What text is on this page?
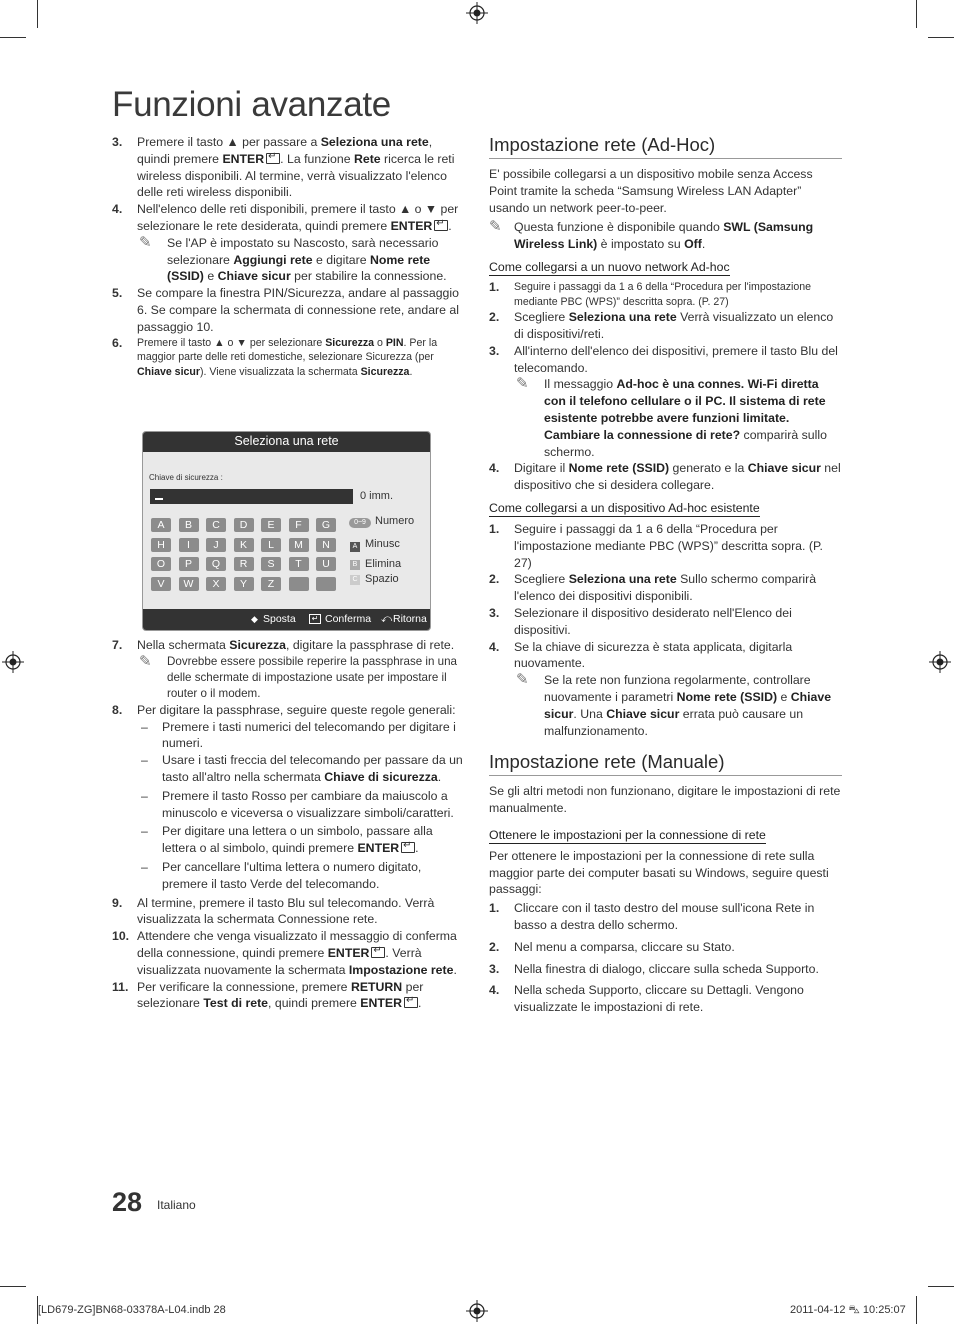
Funzioni avanzate
3. Premere il tasto ▲ per passare a Seleziona una rete, quindi premere ENTER ↵ . La funzione Rete ricerca le reti wireless disponibili. Al termine, verrà visualizzato l'elenco delle reti wireless disponibili.
4. Nell'elenco delle reti disponibili, premere il tasto ▲ o ▼ per selezionare le rete desiderata, quindi premere ENTER ↵ .
✎ Se l'AP è impostato su Nascosto, sarà necessario selezionare Aggiungi rete e digitare Nome rete (SSID) e Chiave sicur per stabilire la connessione.
5. Se compare la finestra PIN/Sicurezza, andare al passaggio 6. Se compare la schermata di connessione rete, andare al passaggio 10.
6. Premere il tasto ▲ o ▼ per selezionare Sicurezza o PIN. Per la maggior parte delle reti domestiche, selezionare Sicurezza (per Chiave sicur). Viene visualizzata la schermata Sicurezza.
Seleziona una rete
Chiave di sicurezza :
0 imm.
A	B	C	D	E	F	G
H	I	J	K	L	M	N
O	P	Q	R	S	T	U
V	W	X	Y	Z
0~9 Numero
A Minusc
B Elimina
C Spazio
◆ Sposta	↵ Conferma ⤺ Ritorna
7. Nella schermata Sicurezza, digitare la passphrase di rete.
✎ Dovrebbe essere possibile reperire la passphrase in una delle schermate di impostazione usate per impostare il router o il modem.
8. Per digitare la passphrase, seguire queste regole generali:
– Premere i tasti numerici del telecomando per digitare i numeri.
– Usare i tasti freccia del telecomando per passare da un tasto all'altro nella schermata Chiave di sicurezza.
– Premere il tasto Rosso per cambiare da maiuscolo a minuscolo e viceversa o visualizzare simboli/caratteri.
– Per digitare una lettera o un simbolo, passare alla lettera o al simbolo, quindi premere ENTER ↵ .
– Per cancellare l'ultima lettera o numero digitato, premere il tasto Verde del telecomando.
9. Al termine, premere il tasto Blu sul telecomando. Verrà visualizzata la schermata Connessione rete.
10. Attendere che venga visualizzato il messaggio di conferma della connessione, quindi premere ENTER ↵ . Verrà visualizzata nuovamente la schermata Impostazione rete.
11. Per verificare la connessione, premere RETURN per selezionare Test di rete, quindi premere ENTER ↵ .
Impostazione rete (Ad-Hoc)

E' possibile collegarsi a un dispositivo mobile senza Access Point tramite la scheda “Samsung Wireless LAN Adapter” usando un network peer-to-peer.

✎ Questa funzione è disponibile quando SWL (Samsung Wireless Link) è impostato su Off.
Come collegarsi a un nuovo network Ad-hoc
1. Seguire i passaggi da 1 a 6 della “Procedura per l'impostazione mediante PBC (WPS)” descritta sopra. (P. 27)
2. Scegliere Seleziona una rete Verrà visualizzato un elenco di dispositivi/reti.
3. All'interno dell'elenco dei dispositivi, premere il tasto Blu del telecomando.
✎ Il messaggio Ad-hoc è una connes. Wi-Fi diretta con il telefono cellulare o il PC. Il sistema di rete esistente potrebbe avere funzioni limitate. Cambiare la connessione di rete? comparirà sullo schermo.
4. Digitare il Nome rete (SSID) generato e la Chiave sicur nel dispositivo che si desidera collegare.
Come collegarsi a un dispositivo Ad-hoc esistente
1. Seguire i passaggi da 1 a 6 della “Procedura per l'impostazione mediante PBC (WPS)” descritta sopra. (P. 27)
2. Scegliere Seleziona una rete Sullo schermo comparirà l'elenco dei dispositivi disponibili.
3. Selezionare il dispositivo desiderato nell'Elenco dei dispositivi.
4. Se la chiave di sicurezza è stata applicata, digitarla nuovamente.
✎ Se la rete non funziona regolarmente, controllare nuovamente i parametri Nome rete (SSID) e Chiave sicur. Una Chiave sicur errata può causare un malfunzionamento.
Impostazione rete (Manuale)

Se gli altri metodi non funzionano, digitare le impostazioni di rete manualmente.

Ottenere le impostazioni per la connessione di rete

Per ottenere le impostazioni per la connessione di rete sulla maggior parte dei computer basati su Windows, seguire questi passaggi:

1. Cliccare con il tasto destro del mouse sull'icona Rete in basso a destra dello schermo.
2. Nel menu a comparsa, cliccare su Stato.
3. Nella finestra di dialogo, cliccare sulla scheda Supporto.
4. Nella scheda Supporto, cliccare su Dettagli. Vengono visualizzate le impostazioni di rete.
28 Italiano
[LD679-ZG]BN68-03378A-L04.indb 28	2011-04-12 ⛍ 10:25:07
